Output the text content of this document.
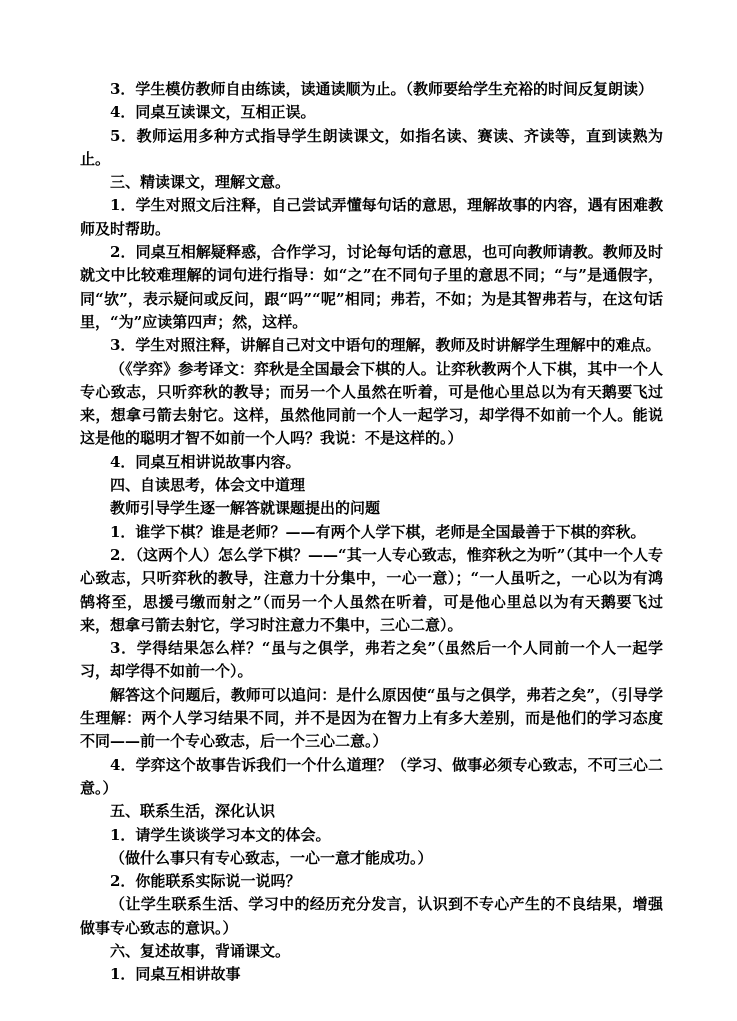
3．学生模仿教师自由练读，读通读顺为止。（教师要给学生充裕的时间反复朗读）

4．同桌互读课文，互相正误。

5．教师运用多种方式指导学生朗读课文，如指名读、赛读、齐读等，直到读熟为止。

三、精读课文，理解文意。

1．学生对照文后注释，自己尝试弄懂每句话的意思，理解故事的内容，遇有困难教师及时帮助。

2．同桌互相解疑释惑，合作学习，讨论每句话的意思，也可向教师请教。教师及时就文中比较难理解的词句进行指导：如“之”在不同句子里的意思不同；“与”是通假字，同“欤”，表示疑问或反问，跟“吗”“呢”相同；弗若，不如；为是其智弗若与，在这句话里，“为”应读第四声；然，这样。

3．学生对照注释，讲解自己对文中语句的理解，教师及时讲解学生理解中的难点。

（《学弈》参考译文：弈秋是全国最会下棋的人。让弈秋教两个人下棋，其中一个人专心致志，只听弈秋的教导；而另一个人虽然在听着，可是他心里总以为有天鹅要飞过来，想拿弓箭去射它。这样，虽然他同前一个人一起学习，却学得不如前一个人。能说这是他的聪明才智不如前一个人吗？我说：不是这样的。）

4．同桌互相讲说故事内容。

四、自读思考，体会文中道理

教师引导学生逐一解答就课题提出的问题

1．谁学下棋？谁是老师？——有两个人学下棋，老师是全国最善于下棋的弈秋。

2．（这两个人）怎么学下棋？——“其一人专心致志，惟弈秋之为听”（其中一个人专心致志，只听弈秋的教导，注意力十分集中，一心一意）；“一人虽听之，一心以为有鸿鹄将至，思援弓缴而射之”（而另一个人虽然在听着，可是他心里总以为有天鹅要飞过来，想拿弓箭去射它，学习时注意力不集中，三心二意）。

3．学得结果怎么样？“虽与之俱学，弗若之矣”（虽然后一个人同前一个人一起学习，却学得不如前一个）。

解答这个问题后，教师可以追问：是什么原因使“虽与之俱学，弗若之矣”，（引导学生理解：两个人学习结果不同，并不是因为在智力上有多大差别，而是他们的学习态度不同——前一个专心致志，后一个三心二意。）

4．学弈这个故事告诉我们一个什么道理？（学习、做事必须专心致志，不可三心二意。）

五、联系生活，深化认识

1．请学生谈谈学习本文的体会。

（做什么事只有专心致志，一心一意才能成功。）

2．你能联系实际说一说吗？

（让学生联系生活、学习中的经历充分发言，认识到不专心产生的不良结果，增强做事专心致志的意识。）

六、复述故事，背诵课文。

1．同桌互相讲故事
